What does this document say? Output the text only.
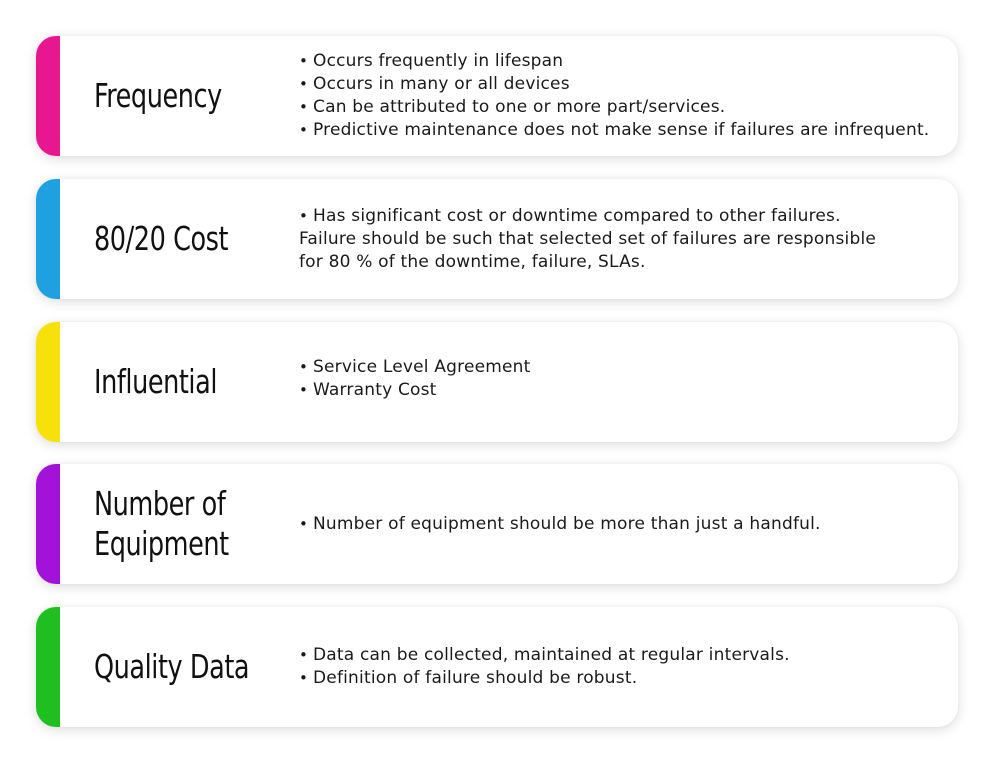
Frequency
• Occurs frequently in lifespan
• Occurs in many or all devices
• Can be attributed to one or more part/services.
• Predictive maintenance does not make sense if failures are infrequent.
80/20 Cost
• Has significant cost or downtime compared to other failures.
Failure should be such that selected set of failures are responsible
for 80 % of the downtime, failure, SLAs.
Influential	• Service Level Agreement
• Warranty Cost
Number of
Equipment
• Number of equipment should be more than just a handful.
Quality Data	• Data can be collected, maintained at regular intervals.
• Definition of failure should be robust.
